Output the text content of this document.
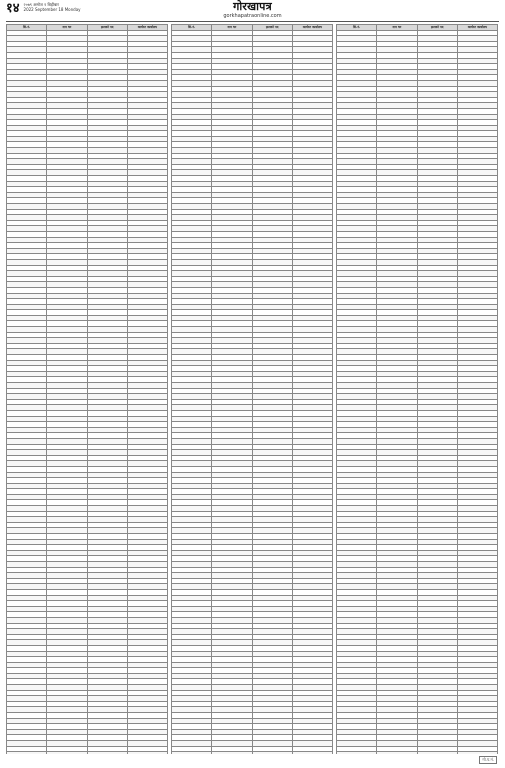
१४ २०७९ असोज १ बिहीबार
2022 September 18 Monday	गोरखापत्र
gorkhapatraonline.com
सि.नं.	नाम थर	हालको पद	कार्यरत कार्यालय

				सि.नं.	नाम थर	हालको पद	कार्यरत कार्यालय

				सि.नं.	नाम थर	हालको पद	कार्यरत कार्यालय

गो.प.नं.
